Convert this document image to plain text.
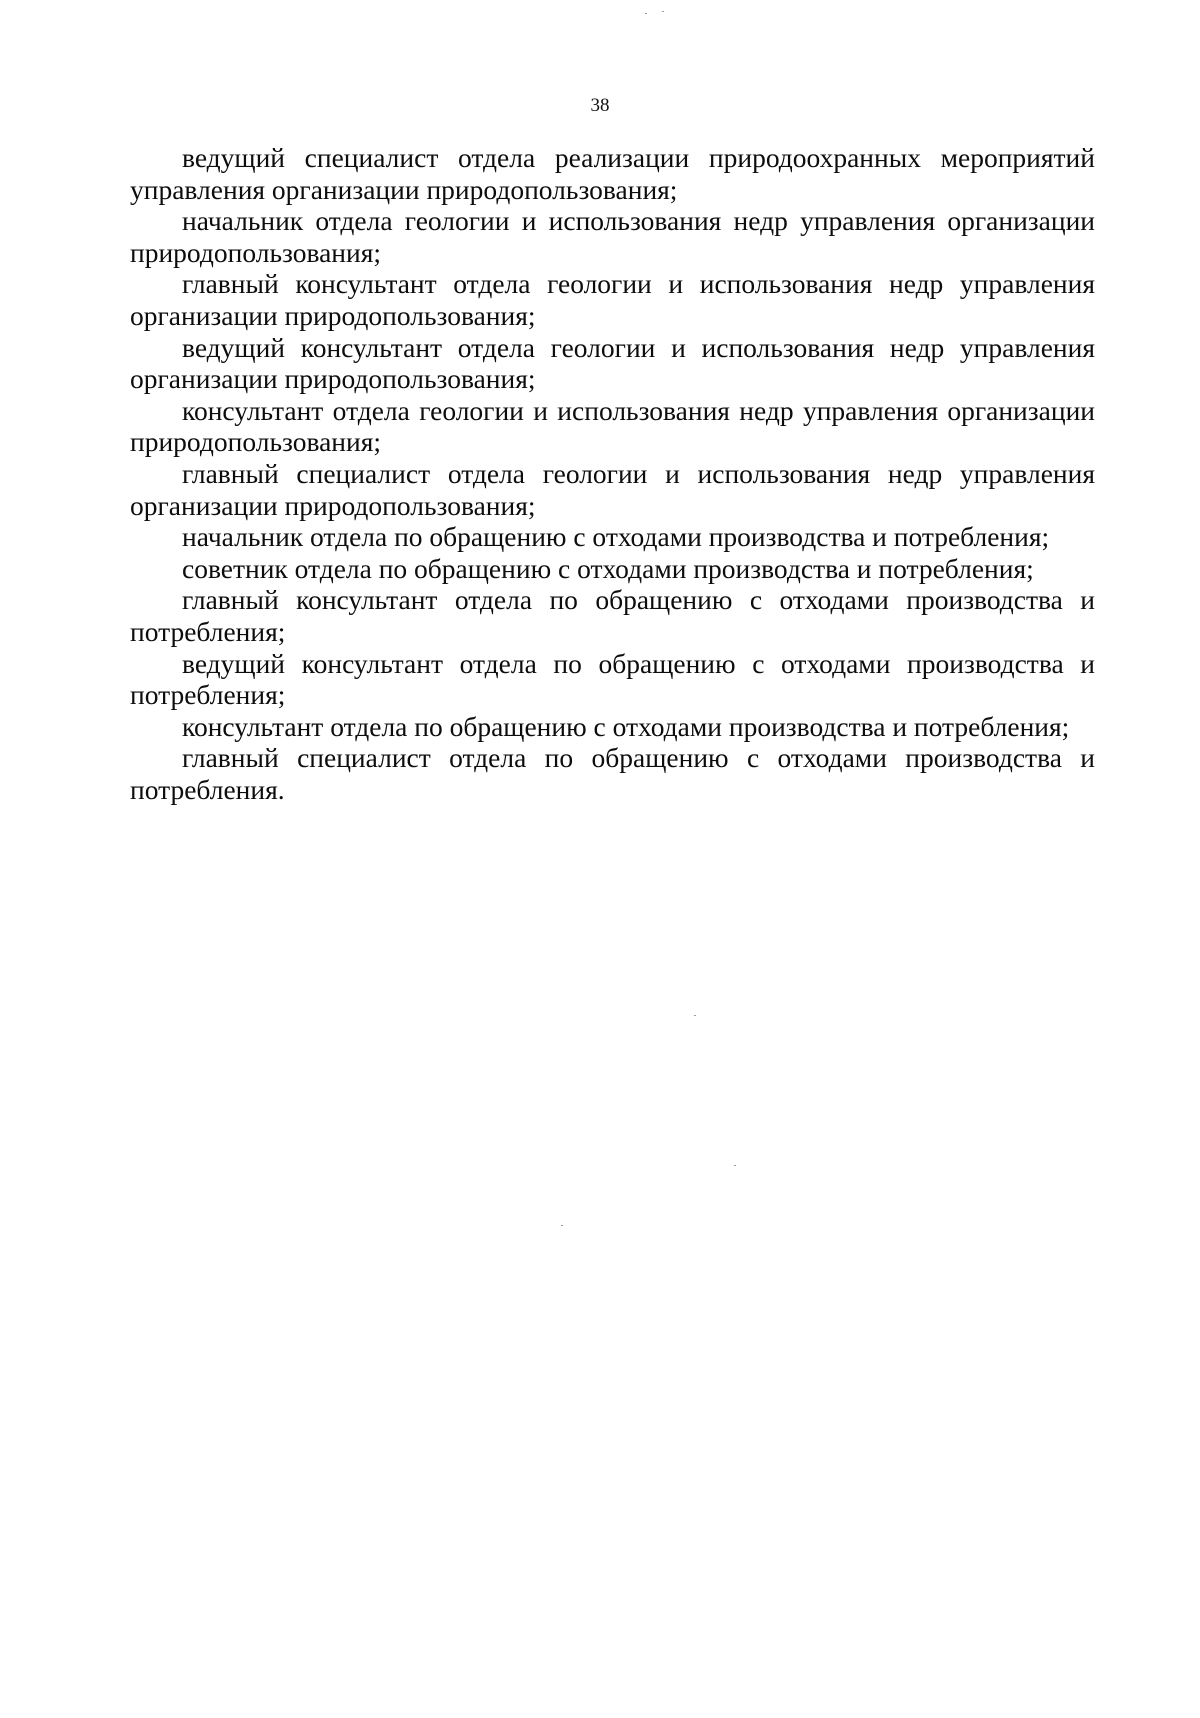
38

ведущий специалист отдела реализации природоохранных мероприятий управления организации природопользования;

начальник отдела геологии и использования недр управления организации природопользования;

главный консультант отдела геологии и использования недр управления организации природопользования;

ведущий консультант отдела геологии и использования недр управления организации природопользования;

консультант отдела геологии и использования недр управления организации природопользования;

главный специалист отдела геологии и использования недр управления организации природопользования;

начальник отдела по обращению с отходами производства и потребления;

советник отдела по обращению с отходами производства и потребления;

главный консультант отдела по обращению с отходами производства и потребления;

ведущий консультант отдела по обращению с отходами производства и потребления;

консультант отдела по обращению с отходами производства и потребления;

главный специалист отдела по обращению с отходами производства и потребления.
